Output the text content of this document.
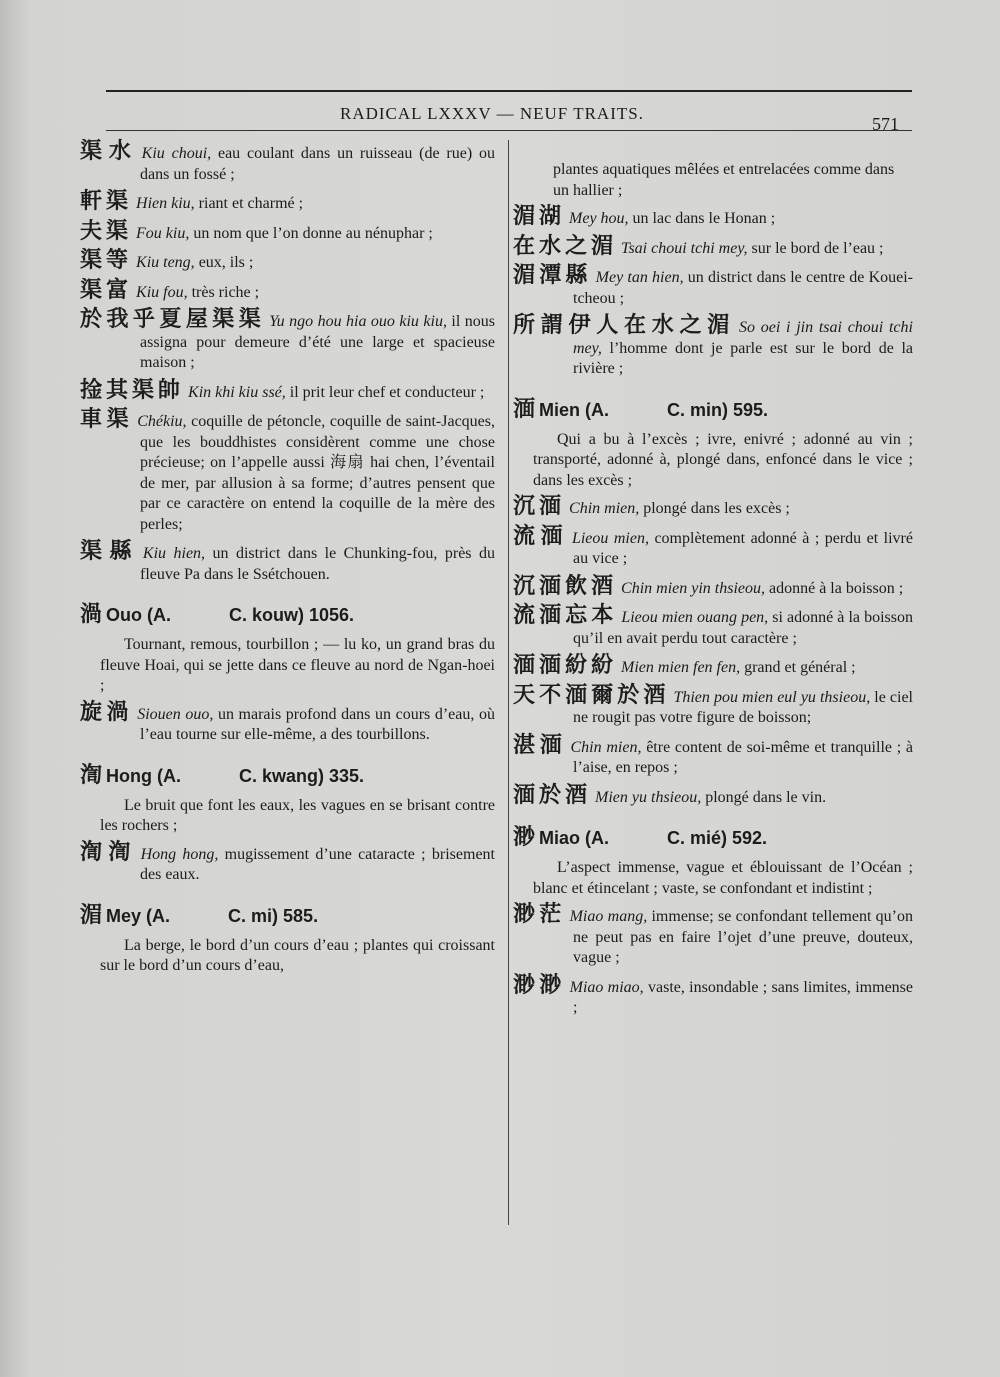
RADICAL LXXXV — NEUF TRAITS.
571
渠水 Kiu choui, eau coulant dans un ruisseau (de rue) ou dans un fossé ;
軒渠 Hien kiu, riant et charmé ;
夫渠 Fou kiu, un nom que l’on donne au nénuphar ;
渠等 Kiu teng, eux, ils ;
渠富 Kiu fou, très riche ;
於我乎夏屋渠渠 Yu ngo hou hia ouo kiu kiu, il nous assigna pour demeure d’été une large et spacieuse maison ;
捦其渠帥 Kin khi kiu ssé, il prit leur chef et conducteur ;
車渠 Chékiu, coquille de pétoncle, coquille de saint-Jacques, que les bouddhistes considèrent comme une chose précieuse; on l’appelle aussi 海扇 hai chen, l’éventail de mer, par allusion à sa forme; d’autres pensent que par ce caractère on entend la coquille de la mère des perles;
渠縣 Kiu hien, un district dans le Chunking-fou, près du fleuve Pa dans le Ssétchouen.
渦 Ouo (A.	C. kouw) 1056.
Tournant, remous, tourbillon ; — lu ko, un grand bras du fleuve Hoai, qui se jette dans ce fleuve au nord de Ngan-hoei ;
旋渦 Siouen ouo, un marais profond dans un cours d’eau, où l’eau tourne sur elle-même, a des tourbillons.
渹 Hong (A.	C. kwang) 335.
Le bruit que font les eaux, les vagues en se brisant contre les rochers ;
渹渹 Hong hong, mugissement d’une cataracte ; brisement des eaux.
湄 Mey (A.	C. mi) 585.
La berge, le bord d’un cours d’eau ; plantes qui croissant sur le bord d’un cours d’eau,
plantes aquatiques mêlées et entrelacées comme dans un hallier ;
湄湖 Mey hou, un lac dans le Honan ;
在水之湄 Tsai choui tchi mey, sur le bord de l’eau ;
湄潭縣 Mey tan hien, un district dans le centre de Kouei-tcheou ;
所謂伊人在水之湄 So oei i jin tsai choui tchi mey, l’homme dont je parle est sur le bord de la rivière ;
湎 Mien (A.	C. min) 595.
Qui a bu à l’excès ; ivre, enivré ; adonné au vin ; transporté, adonné à, plongé dans, enfoncé dans le vice ; dans les excès ;
沉湎 Chin mien, plongé dans les excès ;
流湎 Lieou mien, complètement adonné à ; perdu et livré au vice ;
沉湎飲酒 Chin mien yin thsieou, adonné à la boisson ;
流湎忘本 Lieou mien ouang pen, si adonné à la boisson qu’il en avait perdu tout caractère ;
湎湎紛紛 Mien mien fen fen, grand et général ;
天不湎爾於酒 Thien pou mien eul yu thsieou, le ciel ne rougit pas votre figure de boisson;
湛湎 Chin mien, être content de soi-même et tranquille ; à l’aise, en repos ;
湎於酒 Mien yu thsieou, plongé dans le vin.
渺 Miao (A.	C. mié) 592.
L’aspect immense, vague et éblouissant de l’Océan ; blanc et étincelant ; vaste, se confondant et indistint ;
渺茫 Miao mang, immense; se confondant tellement qu’on ne peut pas en faire l’ojet d’une preuve, douteux, vague ;
渺渺 Miao miao, vaste, insondable ; sans limites, immense ;
